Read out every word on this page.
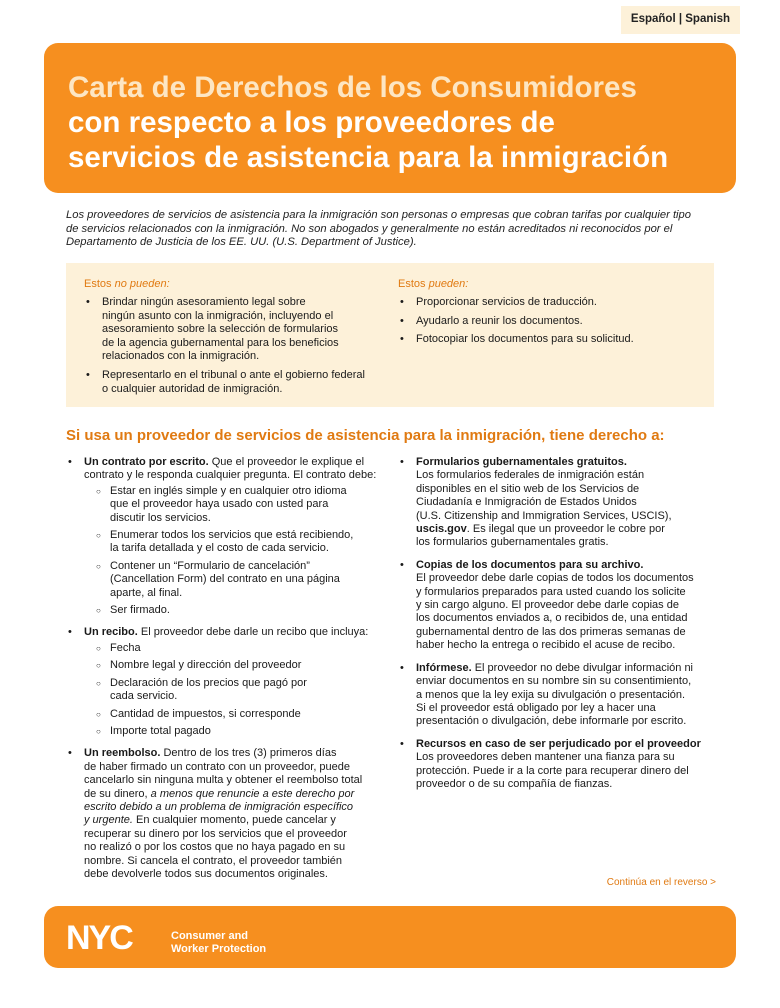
Español | Spanish
Carta de Derechos de los Consumidores
con respecto a los proveedores de
servicios de asistencia para la inmigración
Los proveedores de servicios de asistencia para la inmigración son personas o empresas que cobran tarifas por cualquier tipo
de servicios relacionados con la inmigración. No son abogados y generalmente no están acreditados ni reconocidos por el
Departamento de Justicia de los EE. UU. (U.S. Department of Justice).
Estos no pueden:
• Brindar ningún asesoramiento legal sobre
ningún asunto con la inmigración, incluyendo el
asesoramiento sobre la selección de formularios
de la agencia gubernamental para los beneficios
relacionados con la inmigración.
• Representarlo en el tribunal o ante el gobierno federal
o cualquier autoridad de inmigración.
Estos pueden:
• Proporcionar servicios de traducción.
• Ayudarlo a reunir los documentos.
• Fotocopiar los documentos para su solicitud.
Si usa un proveedor de servicios de asistencia para la inmigración, tiene derecho a:
• Un contrato por escrito. Que el proveedor le explique el
contrato y le responda cualquier pregunta. El contrato debe:
○ Estar en inglés simple y en cualquier otro idioma
que el proveedor haya usado con usted para
discutir los servicios.
○ Enumerar todos los servicios que está recibiendo,
la tarifa detallada y el costo de cada servicio.
○ Contener un “Formulario de cancelación”
(Cancellation Form) del contrato en una página
aparte, al final.
○ Ser firmado.
• Un recibo. El proveedor debe darle un recibo que incluya:
○ Fecha
○ Nombre legal y dirección del proveedor
○ Declaración de los precios que pagó por
cada servicio.
○ Cantidad de impuestos, si corresponde
○ Importe total pagado
• Un reembolso. Dentro de los tres (3) primeros días
de haber firmado un contrato con un proveedor, puede
cancelarlo sin ninguna multa y obtener el reembolso total
de su dinero, a menos que renuncie a este derecho por
escrito debido a un problema de inmigración específico
y urgente. En cualquier momento, puede cancelar y
recuperar su dinero por los servicios que el proveedor
no realizó o por los costos que no haya pagado en su
nombre. Si cancela el contrato, el proveedor también
debe devolverle todos sus documentos originales.
• Formularios gubernamentales gratuitos.
Los formularios federales de inmigración están
disponibles en el sitio web de los Servicios de
Ciudadanía e Inmigración de Estados Unidos
(U.S. Citizenship and Immigration Services, USCIS),
uscis.gov. Es ilegal que un proveedor le cobre por
los formularios gubernamentales gratis.
• Copias de los documentos para su archivo.
El proveedor debe darle copias de todos los documentos
y formularios preparados para usted cuando los solicite
y sin cargo alguno. El proveedor debe darle copias de
los documentos enviados a, o recibidos de, una entidad
gubernamental dentro de las dos primeras semanas de
haber hecho la entrega o recibido el acuse de recibo.
• Infórmese. El proveedor no debe divulgar información ni
enviar documentos en su nombre sin su consentimiento,
a menos que la ley exija su divulgación o presentación.
Si el proveedor está obligado por ley a hacer una
presentación o divulgación, debe informarle por escrito.
• Recursos en caso de ser perjudicado por el proveedor
Los proveedores deben mantener una fianza para su
protección. Puede ir a la corte para recuperar dinero del
proveedor o de su compañía de fianzas.
Continúa en el reverso >
NYC	Consumer and
Worker Protection
